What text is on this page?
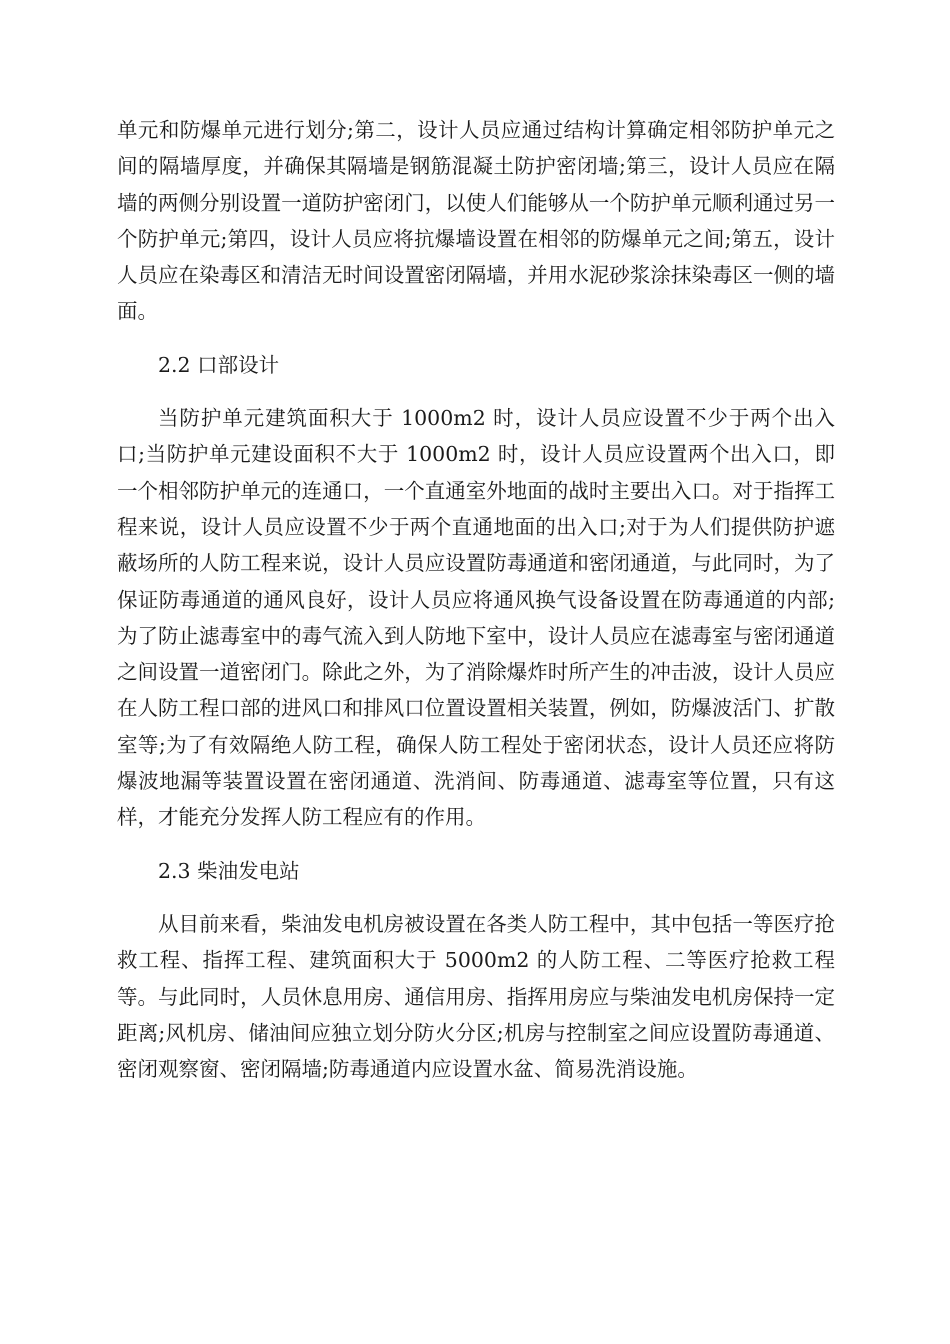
单元和防爆单元进行划分;第二，设计人员应通过结构计算确定相邻防护单元之间的隔墙厚度，并确保其隔墙是钢筋混凝土防护密闭墙;第三，设计人员应在隔墙的两侧分别设置一道防护密闭门，以使人们能够从一个防护单元顺利通过另一个防护单元;第四，设计人员应将抗爆墙设置在相邻的防爆单元之间;第五，设计人员应在染毒区和清洁无时间设置密闭隔墙，并用水泥砂浆涂抹染毒区一侧的墙面。

2.2 口部设计

当防护单元建筑面积大于 1000m2 时，设计人员应设置不少于两个出入口;当防护单元建设面积不大于 1000m2 时，设计人员应设置两个出入口，即一个相邻防护单元的连通口，一个直通室外地面的战时主要出入口。对于指挥工程来说，设计人员应设置不少于两个直通地面的出入口;对于为人们提供防护遮蔽场所的人防工程来说，设计人员应设置防毒通道和密闭通道，与此同时，为了保证防毒通道的通风良好，设计人员应将通风换气设备设置在防毒通道的内部;为了防止滤毒室中的毒气流入到人防地下室中，设计人员应在滤毒室与密闭通道之间设置一道密闭门。除此之外，为了消除爆炸时所产生的冲击波，设计人员应在人防工程口部的进风口和排风口位置设置相关装置，例如，防爆波活门、扩散室等;为了有效隔绝人防工程，确保人防工程处于密闭状态，设计人员还应将防爆波地漏等装置设置在密闭通道、洗消间、防毒通道、滤毒室等位置，只有这样，才能充分发挥人防工程应有的作用。

2.3 柴油发电站

从目前来看，柴油发电机房被设置在各类人防工程中，其中包括一等医疗抢救工程、指挥工程、建筑面积大于 5000m2 的人防工程、二等医疗抢救工程等。与此同时，人员休息用房、通信用房、指挥用房应与柴油发电机房保持一定距离;风机房、储油间应独立划分防火分区;机房与控制室之间应设置防毒通道、密闭观察窗、密闭隔墙;防毒通道内应设置水盆、简易洗消设施。
